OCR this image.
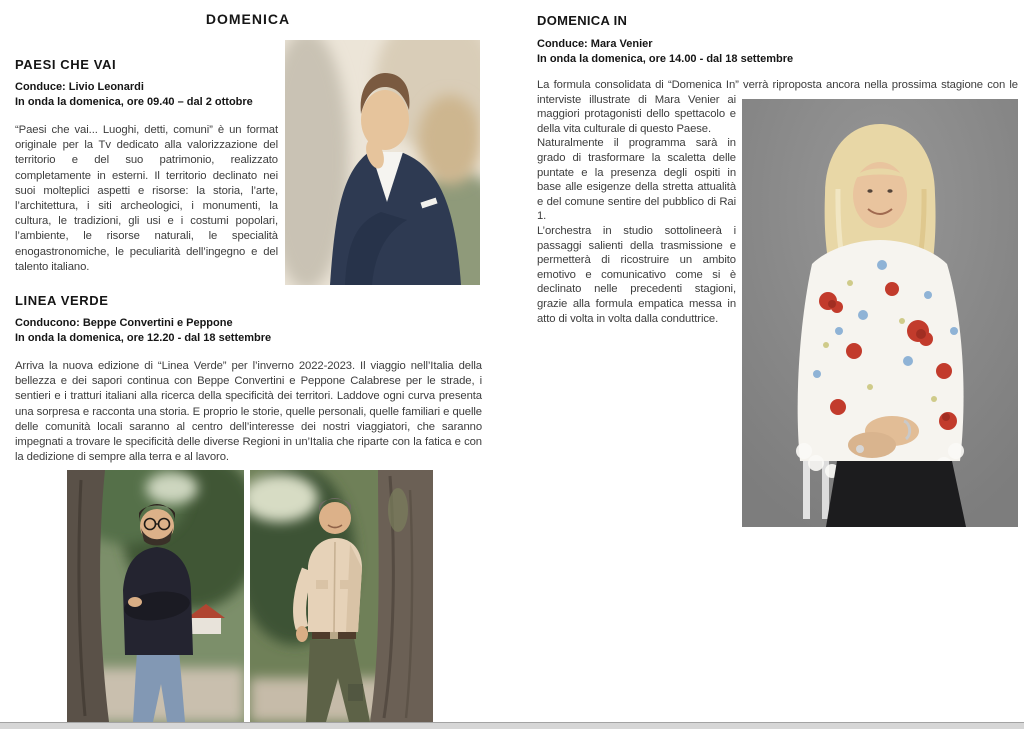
DOMENICA
PAESI CHE VAI
Conduce: Livio Leonardi
In onda la domenica, ore 09.40 – dal 2 ottobre
“Paesi che vai... Luoghi, detti, comuni” è un format originale per la Tv dedicato alla valorizzazione del territorio e del suo patrimonio, realizzato completamente in esterni. Il territorio declinato nei suoi molteplici aspetti e risorse: la storia, l’arte, l’architettura, i siti archeologici, i monumenti, la cultura, le tradizioni, gli usi e i costumi popolari, l’ambiente, le risorse naturali, le specialità enogastronomiche, le peculiarità dell’ingegno e del talento italiano.
LINEA VERDE
Conducono: Beppe Convertini e Peppone
In onda la domenica, ore 12.20 - dal 18 settembre
Arriva la nuova edizione di “Linea Verde” per l’inverno 2022-2023. Il viaggio nell’Italia della bellezza e dei sapori continua con Beppe Convertini e Peppone Calabrese per le strade, i sentieri e i tratturi italiani alla ricerca della specificità dei territori. Laddove ogni curva presenta una sorpresa e racconta una storia. E proprio le storie, quelle personali, quelle familiari e quelle delle comunità locali saranno al centro dell’interesse dei nostri viaggiatori, che saranno impegnati a trovare le specificità delle diverse Regioni in un’Italia che riparte con la fatica e con la dedizione di sempre alla terra e al lavoro.
DOMENICA IN
Conduce: Mara Venier
In onda la domenica, ore 14.00 - dal 18 settembre

La formula consolidata di “Domenica In” verrà riproposta ancora nella prossima stagione con le interviste illustrate di Mara Venier ai maggiori protagonisti dello spettacolo e della vita culturale di questo Paese.

Naturalmente il programma sarà in grado di trasformare la scaletta delle puntate e la presenza degli ospiti in base alle esigenze della stretta attualità e del comune sentire del pubblico di Rai 1.

L’orchestra in studio sottolineerà i passaggi salienti della trasmissione e permetterà di ricostruire un ambito emotivo e comunicativo come si è declinato nelle precedenti stagioni, grazie alla formula empatica messa in atto di volta in volta dalla conduttrice.
